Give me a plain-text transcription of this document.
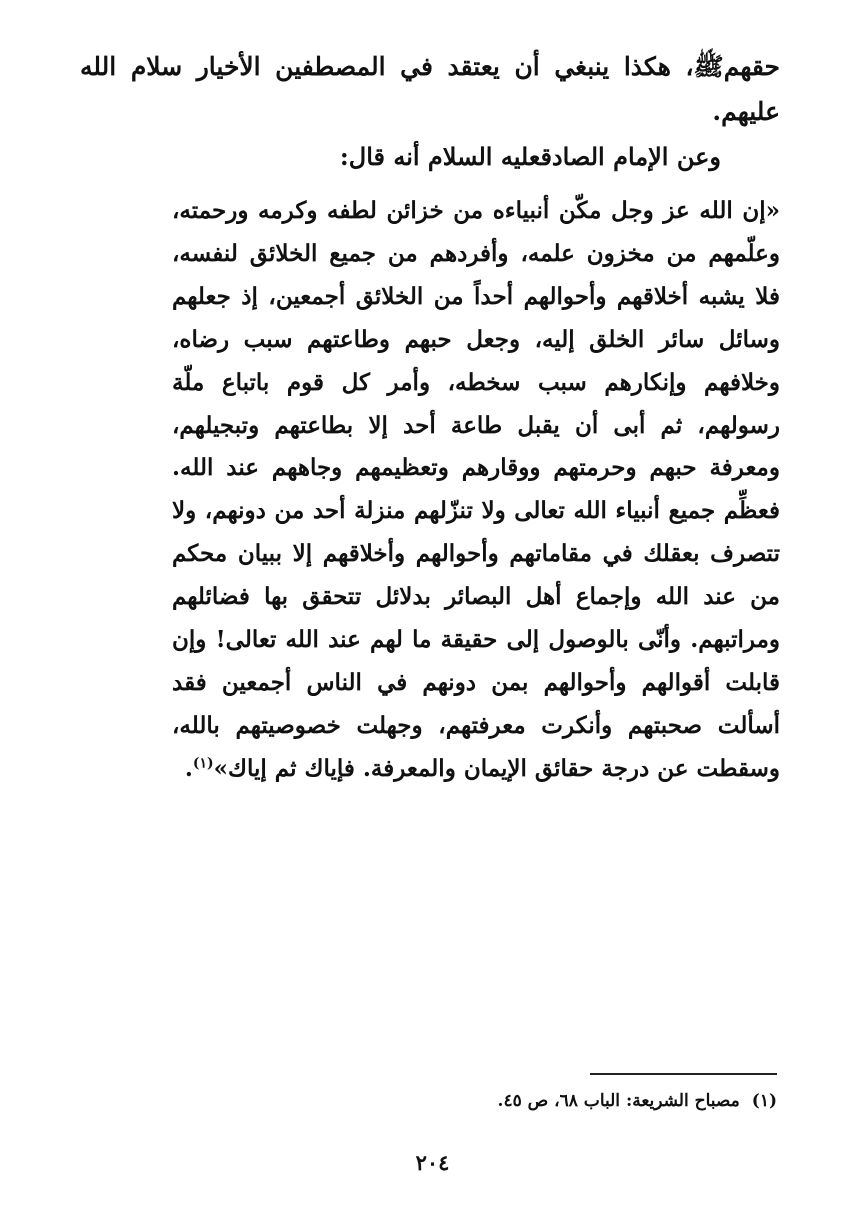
حقهمﷺ، هكذا ينبغي أن يعتقد في المصطفين الأخيار سلام الله عليهم.

وعن الإمام الصادقعليه السلام أنه قال:

«إن الله عز وجل مكّن أنبياءه من خزائن لطفه وكرمه ورحمته، وعلّمهم من مخزون علمه، وأفردهم من جميع الخلائق لنفسه، فلا يشبه أخلاقهم وأحوالهم أحداً من الخلائق أجمعين، إذ جعلهم وسائل سائر الخلق إليه، وجعل حبهم وطاعتهم سبب رضاه، وخلافهم وإنكارهم سبب سخطه، وأمر كل قوم باتباع ملّة رسولهم، ثم أبى أن يقبل طاعة أحد إلا بطاعتهم وتبجيلهم، ومعرفة حبهم وحرمتهم ووقارهم وتعظيمهم وجاههم عند الله. فعظِّم جميع أنبياء الله تعالى ولا تنزّلهم منزلة أحد من دونهم، ولا تتصرف بعقلك في مقاماتهم وأحوالهم وأخلاقهم إلا ببيان محكم من عند الله وإجماع أهل البصائر بدلائل تتحقق بها فضائلهم ومراتبهم. وأنّى بالوصول إلى حقيقة ما لهم عند الله تعالى! وإن قابلت أقوالهم وأحوالهم بمن دونهم في الناس أجمعين فقد أسألت صحبتهم وأنكرت معرفتهم، وجهلت خصوصيتهم بالله، وسقطت عن درجة حقائق الإيمان والمعرفة. فإياك ثم إياك»$^{(١)}$.

(١)مصباح الشريعة: الباب ٦٨، ص ٤٥.

٢٠٤
